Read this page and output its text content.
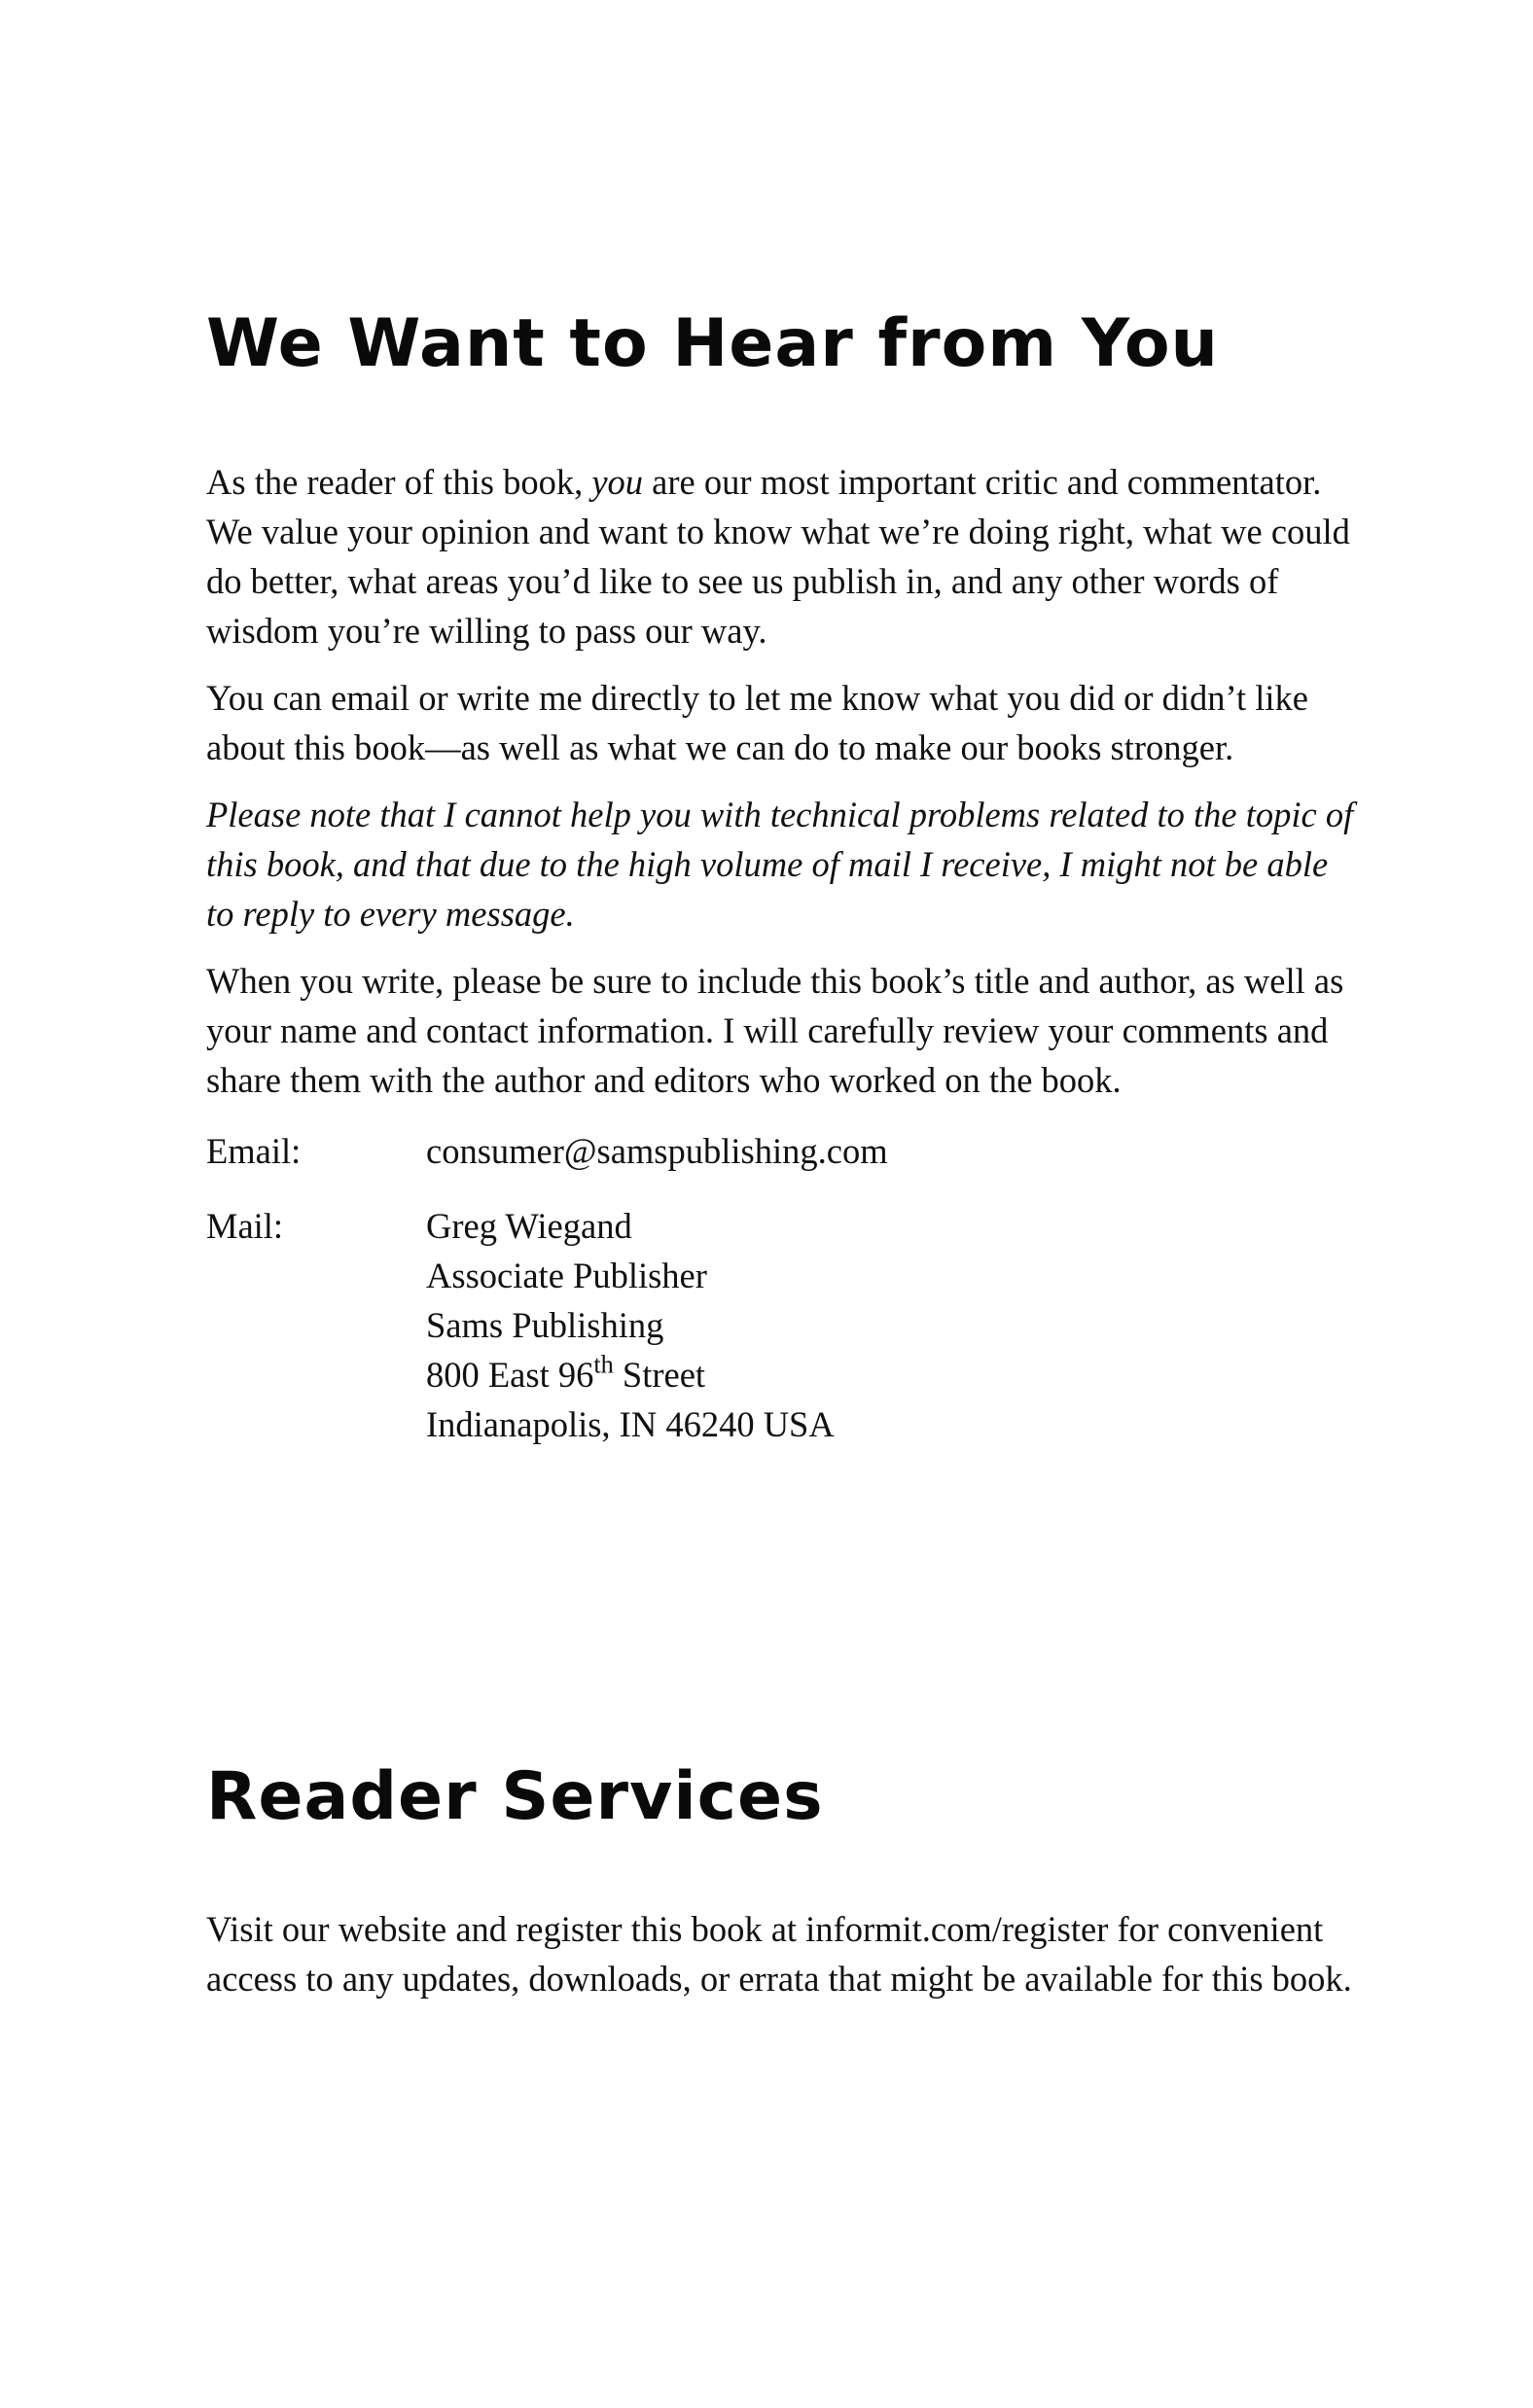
We Want to Hear from You

As the reader of this book, you are our most important critic and commentator. We value your opinion and want to know what we’re doing right, what we could do better, what areas you’d like to see us publish in, and any other words of wisdom you’re willing to pass our way.

You can email or write me directly to let me know what you did or didn’t like about this book—as well as what we can do to make our books stronger.

Please note that I cannot help you with technical problems related to the topic of this book, and that due to the high volume of mail I receive, I might not be able to reply to every message.

When you write, please be sure to include this book’s title and author, as well as your name and contact information. I will carefully review your comments and share them with the author and editors who worked on the book.

Email:	consumer@samspublishing.com
Mail:	Greg Wiegand
Associate Publisher
Sams Publishing
800 East 96th Street
Indianapolis, IN 46240 USA
Reader Services

Visit our website and register this book at informit.com/register for convenient access to any updates, downloads, or errata that might be available for this book.
